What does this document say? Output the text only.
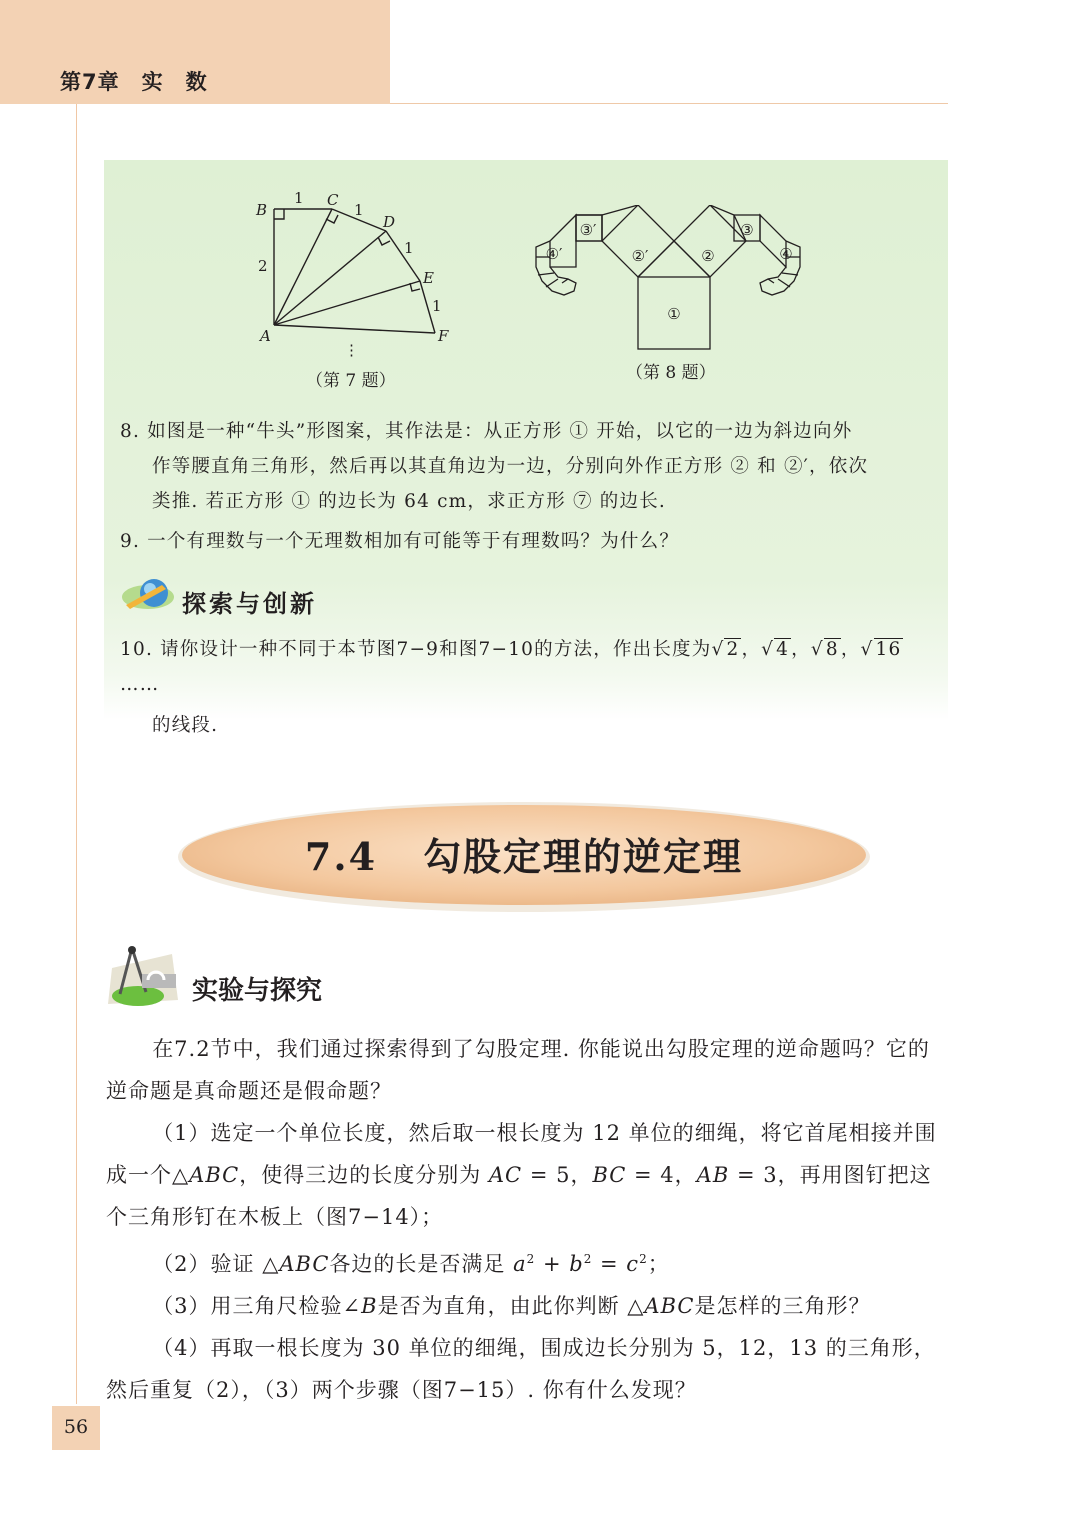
第7章　实　数
B
C
D
E
F
A
1
1
1
1
2
⋮
（第 7 题）
①
②′	②
③′	③
④′	④
（第 8 题）
8. 如图是一种“牛头”形图案，其作法是：从正方形 ① 开始，以它的一边为斜边向外
作等腰直角三角形，然后再以其直角边为一边，分别向外作正方形 ② 和 ②′，依次
类推. 若正方形 ① 的边长为 64 cm，求正方形 ⑦ 的边长.
9. 一个有理数与一个无理数相加有可能等于有理数吗？为什么？
探索与创新
10. 请你设计一种不同于本节图7−9和图7−10的方法，作出长度为√ 2 ，√ 4 ，√ 8 ，√ 16 ……
的线段.
7.4 勾股定理的逆定理
实验与探究

在7.2节中，我们通过探索得到了勾股定理. 你能说出勾股定理的逆命题吗？它的逆命题是真命题还是假命题？

（1）选定一个单位长度，然后取一根长度为 12 单位的细绳，将它首尾相接并围成一个△ABC，使得三边的长度分别为 AC = 5，BC = 4，AB = 3，再用图钉把这个三角形钉在木板上（图7−14）；

（2）验证 △ABC各边的长是否满足 $a^2 + b^2 = c^2$；

（3）用三角尺检验∠B是否为直角，由此你判断 △ABC是怎样的三角形？

（4）再取一根长度为 30 单位的细绳，围成边长分别为 5，12，13 的三角形，然后重复（2），（3）两个步骤（图7−15）. 你有什么发现？

56
